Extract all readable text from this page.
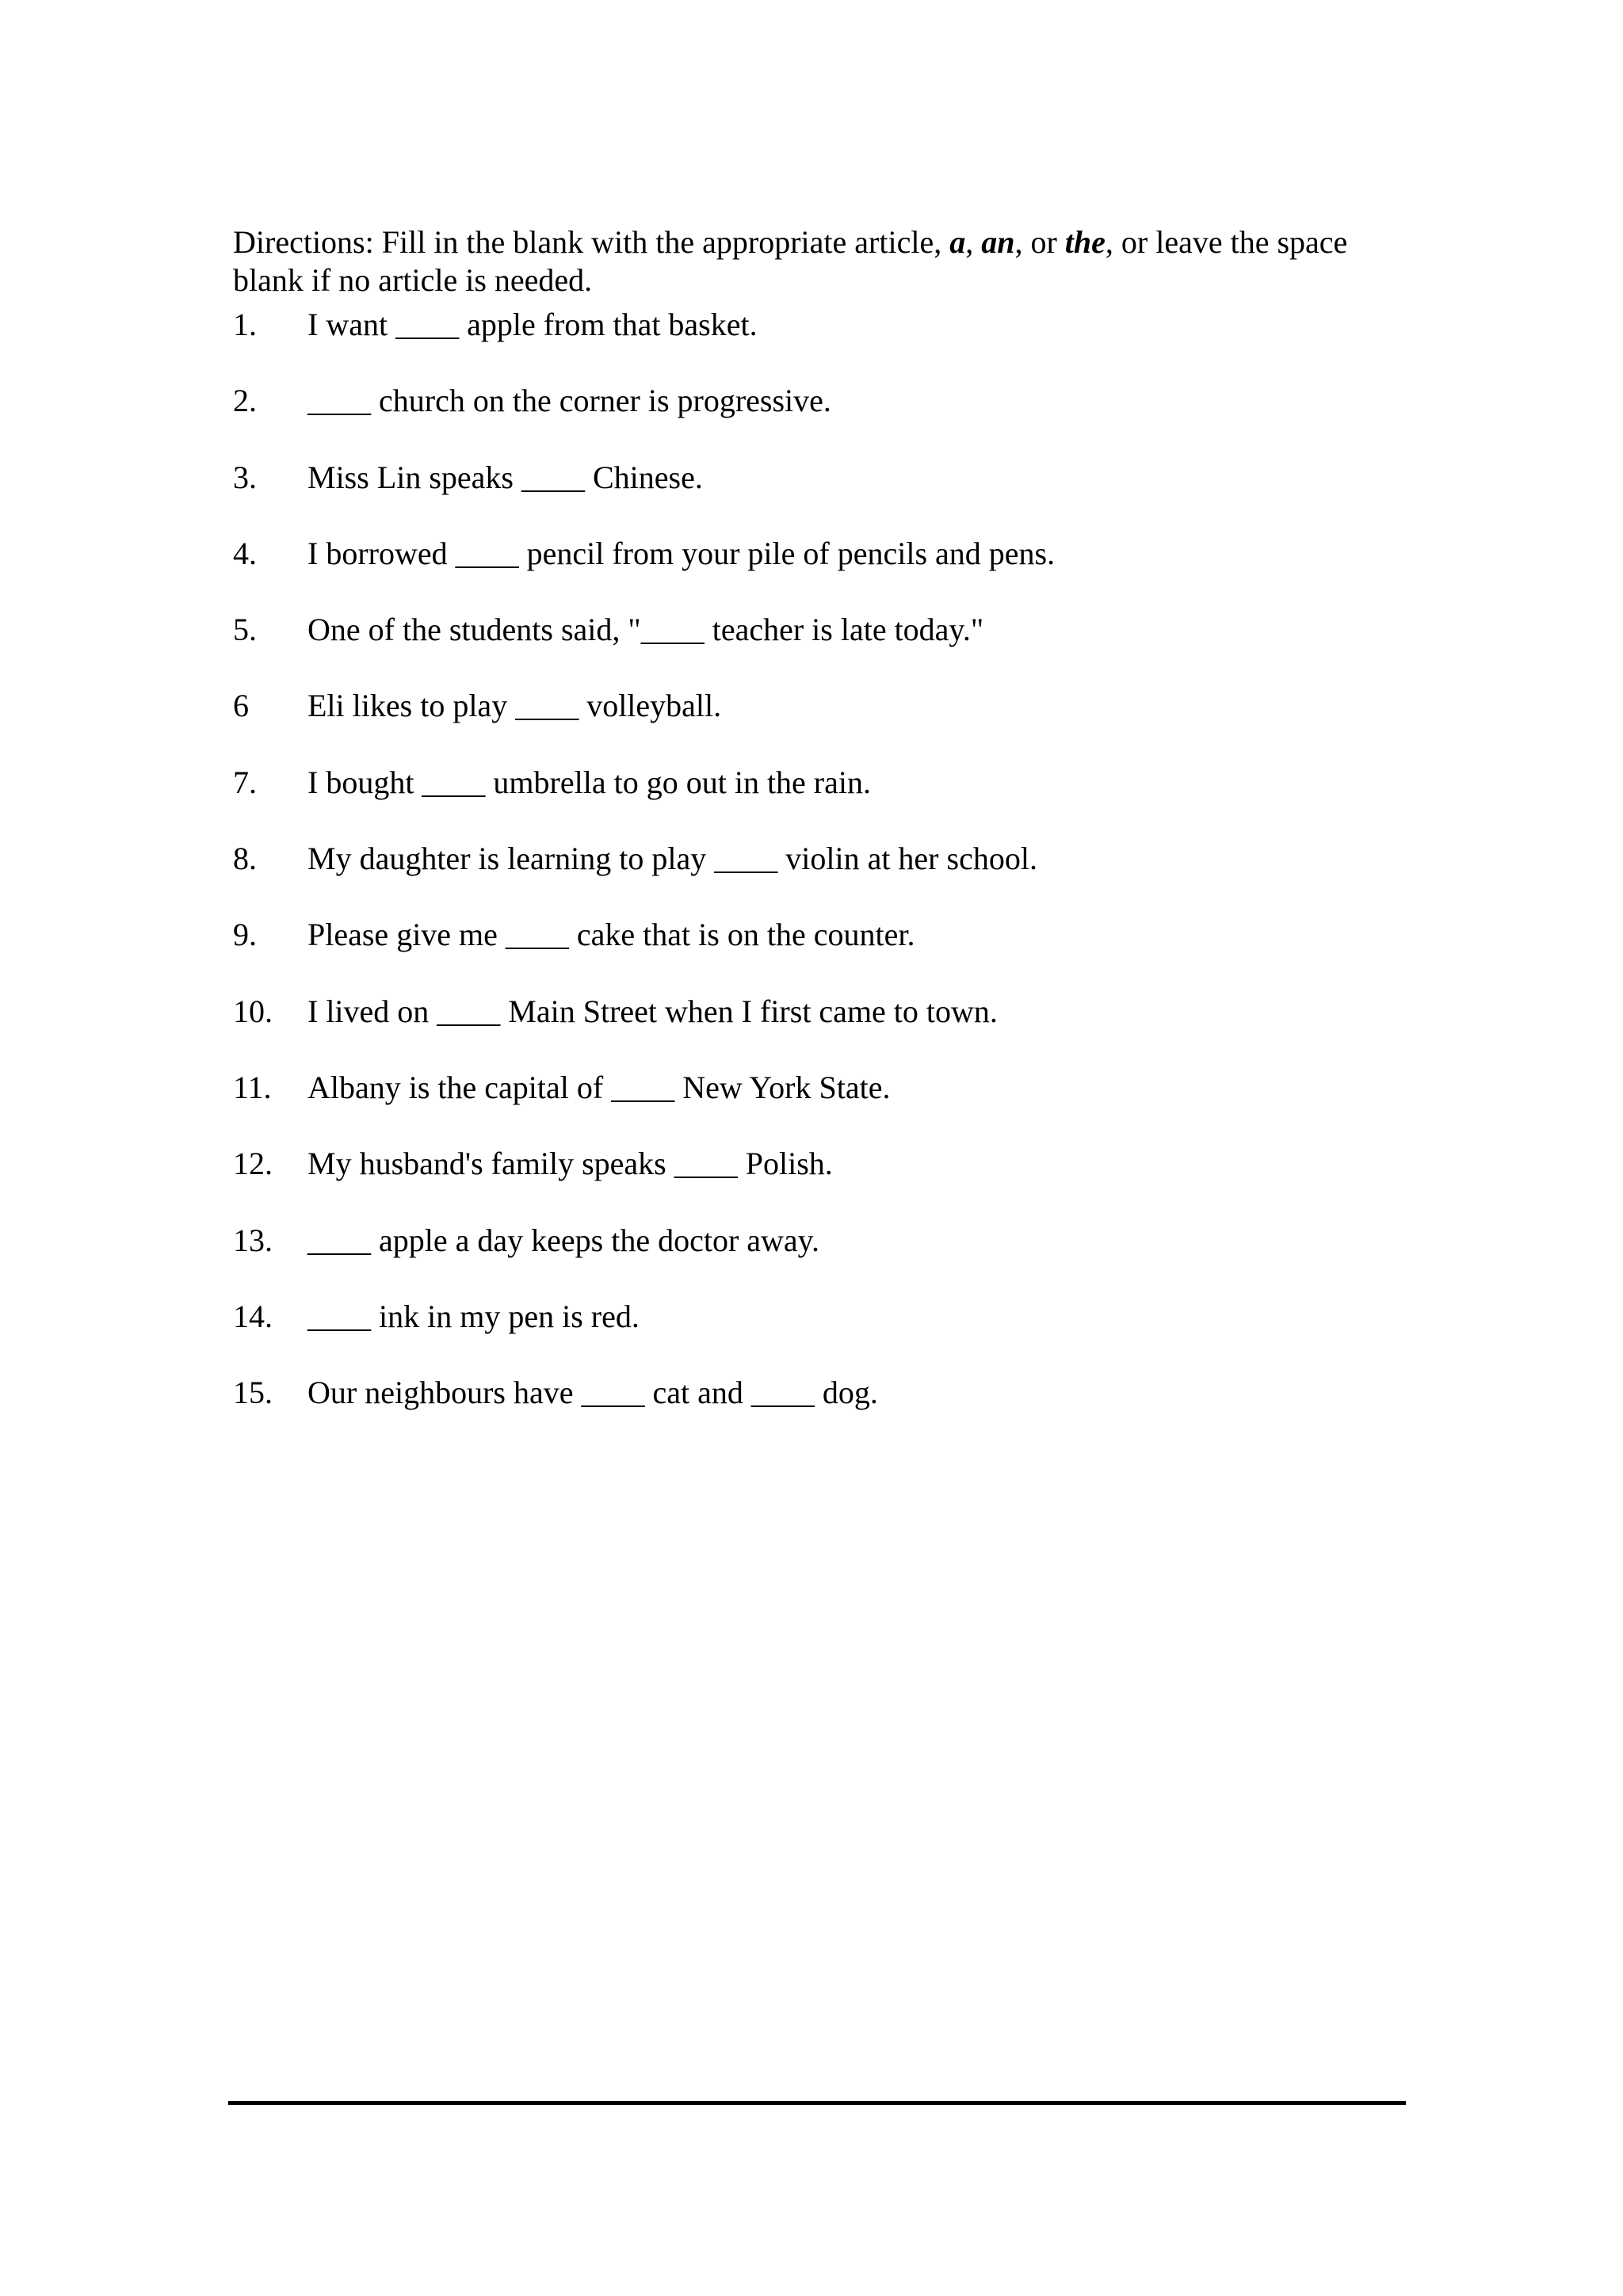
Directions: Fill in the blank with the appropriate article, a, an, or the, or leave the space blank if no article is needed.

1.	I want ____ apple from that basket.
2.	____ church on the corner is progressive.
3.	Miss Lin speaks ____ Chinese.
4.	I borrowed ____ pencil from your pile of pencils and pens.
5.	One of the students said, "____ teacher is late today."
6	Eli likes to play ____ volleyball.
7.	I bought ____ umbrella to go out in the rain.
8.	My daughter is learning to play ____ violin at her school.
9.	Please give me ____ cake that is on the counter.
10.	I lived on ____ Main Street when I first came to town.
11.	Albany is the capital of ____ New York State.
12.	My husband's family speaks ____ Polish.
13.	____ apple a day keeps the doctor away.
14.	____ ink in my pen is red.
15.	Our neighbours have ____ cat and ____ dog.
